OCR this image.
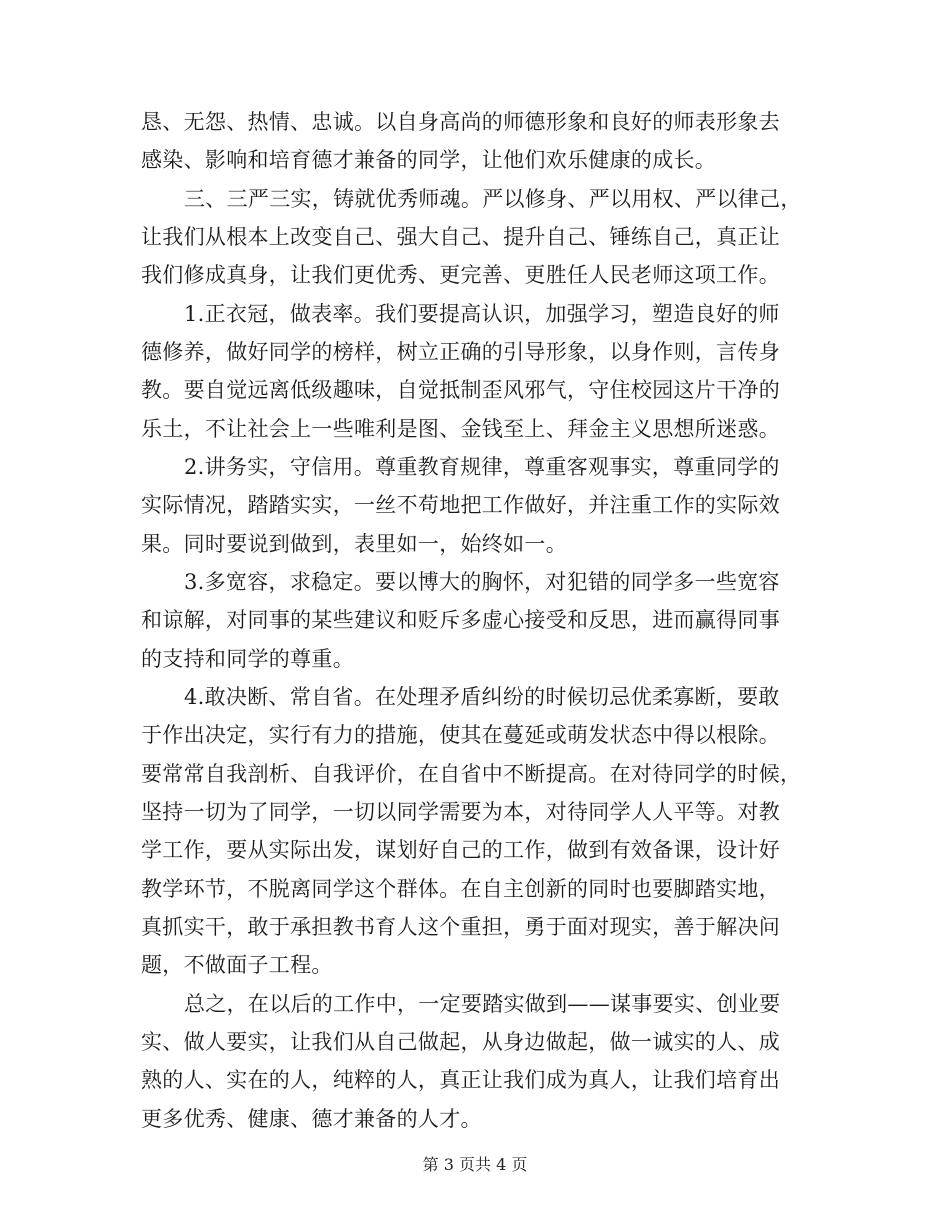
恳、无怨、热情、忠诚。以自身高尚的师德形象和良好的师表形象去
感染、影响和培育德才兼备的同学，让他们欢乐健康的成长。
三、三严三实，铸就优秀师魂。严以修身、严以用权、严以律己，
让我们从根本上改变自己、强大自己、提升自己、锤练自己，真正让
我们修成真身，让我们更优秀、更完善、更胜任人民老师这项工作。
1.正衣冠，做表率。我们要提高认识，加强学习，塑造良好的师
德修养，做好同学的榜样，树立正确的引导形象，以身作则，言传身
教。要自觉远离低级趣味，自觉抵制歪风邪气，守住校园这片干净的
乐土，不让社会上一些唯利是图、金钱至上、拜金主义思想所迷惑。
2.讲务实，守信用。尊重教育规律，尊重客观事实，尊重同学的
实际情况，踏踏实实，一丝不苟地把工作做好，并注重工作的实际效
果。同时要说到做到，表里如一，始终如一。
3.多宽容，求稳定。要以博大的胸怀，对犯错的同学多一些宽容
和谅解，对同事的某些建议和贬斥多虚心接受和反思，进而赢得同事
的支持和同学的尊重。
4.敢决断、常自省。在处理矛盾纠纷的时候切忌优柔寡断，要敢
于作出决定，实行有力的措施，使其在蔓延或萌发状态中得以根除。
要常常自我剖析、自我评价，在自省中不断提高。在对待同学的时候，
坚持一切为了同学，一切以同学需要为本，对待同学人人平等。对教
学工作，要从实际出发，谋划好自己的工作，做到有效备课，设计好
教学环节，不脱离同学这个群体。在自主创新的同时也要脚踏实地，
真抓实干，敢于承担教书育人这个重担，勇于面对现实，善于解决问
题，不做面子工程。
总之，在以后的工作中，一定要踏实做到——谋事要实、创业要
实、做人要实，让我们从自己做起，从身边做起，做一诚实的人、成
熟的人、实在的人，纯粹的人，真正让我们成为真人，让我们培育出
更多优秀、健康、德才兼备的人才。
第 3 页共 4 页
